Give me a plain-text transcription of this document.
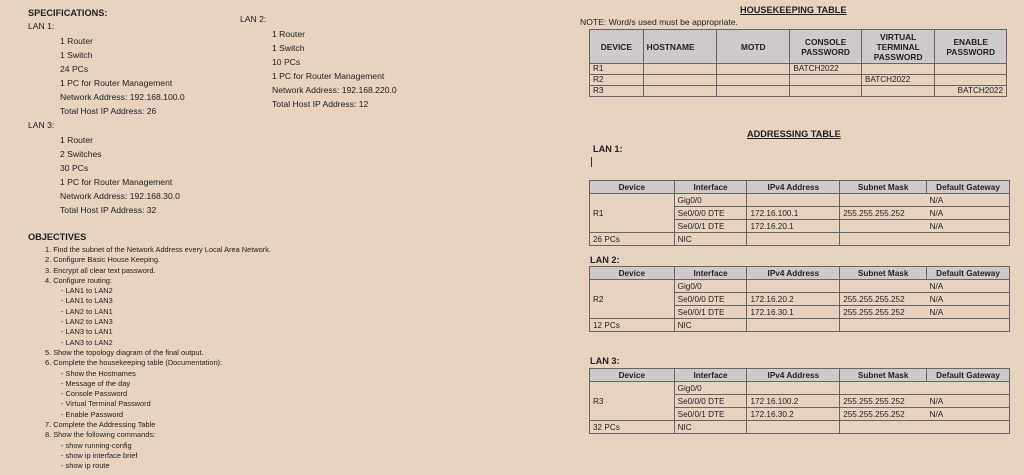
SPECIFICATIONS:
LAN 1:
1 Router
1 Switch
24 PCs
1 PC for Router Management
Network Address: 192.168.100.0
Total Host IP Address: 26
LAN 2:
1 Router
1 Switch
10 PCs
1 PC for Router Management
Network Address: 192.168.220.0
Total Host IP Address: 12
LAN 3:
1 Router
2 Switches
30 PCs
1 PC for Router Management
Network Address: 192.168.30.0
Total Host IP Address: 32
OBJECTIVES
1. Find the subnet of the Network Address every Local Area Network.
2. Configure Basic House Keeping.
3. Encrypt all clear text password.
4. Configure routing:
- LAN1 to LAN2
- LAN1 to LAN3
- LAN2 to LAN1
- LAN2 to LAN3
- LAN3 to LAN1
- LAN3 to LAN2
5. Show the topology diagram of the final output.
6. Complete the housekeeping table (Documentation):
- Show the Hostnames
- Message of the day
- Console Password
- Virtual Terminal Password
- Enable Password
7. Complete the Addressing Table
8. Show the following commands:
- show running-config
- show ip interface brief
- show ip route
HOUSEKEEPING TABLE
NOTE: Word/s used must be appropriate.
DEVICE	HOSTNAME	MOTD	CONSOLE PASSWORD	VIRTUAL TERMINAL PASSWORD	ENABLE PASSWORD
R1			BATCH2022		
R2				BATCH2022	
R3					BATCH2022
ADDRESSING TABLE
LAN 1:
Device	Interface	IPv4 Address	Subnet Mask	Default Gateway
R1	Gig0/0			N/A
	Se0/0/0 DTE	172.16.100.1	255.255.255.252	N/A
	Se0/0/1 DTE	172.16.20.1		N/A
26 PCs	NIC			
LAN 2:
Device	Interface	IPv4 Address	Subnet Mask	Default Gateway
R2	Gig0/0			N/A
	Se0/0/0 DTE	172.16.20.2	255.255.255.252	N/A
	Se0/0/1 DTE	172.16.30.1	255.255.255.252	N/A
12 PCs	NIC			
LAN 3:
Device	Interface	IPv4 Address	Subnet Mask	Default Gateway
R3	Gig0/0			
	Se0/0/0 DTE	172.16.100.2	255.255.255.252	N/A
	Se0/0/1 DTE	172.16.30.2	255.255.255.252	N/A
32 PCs	NIC			
